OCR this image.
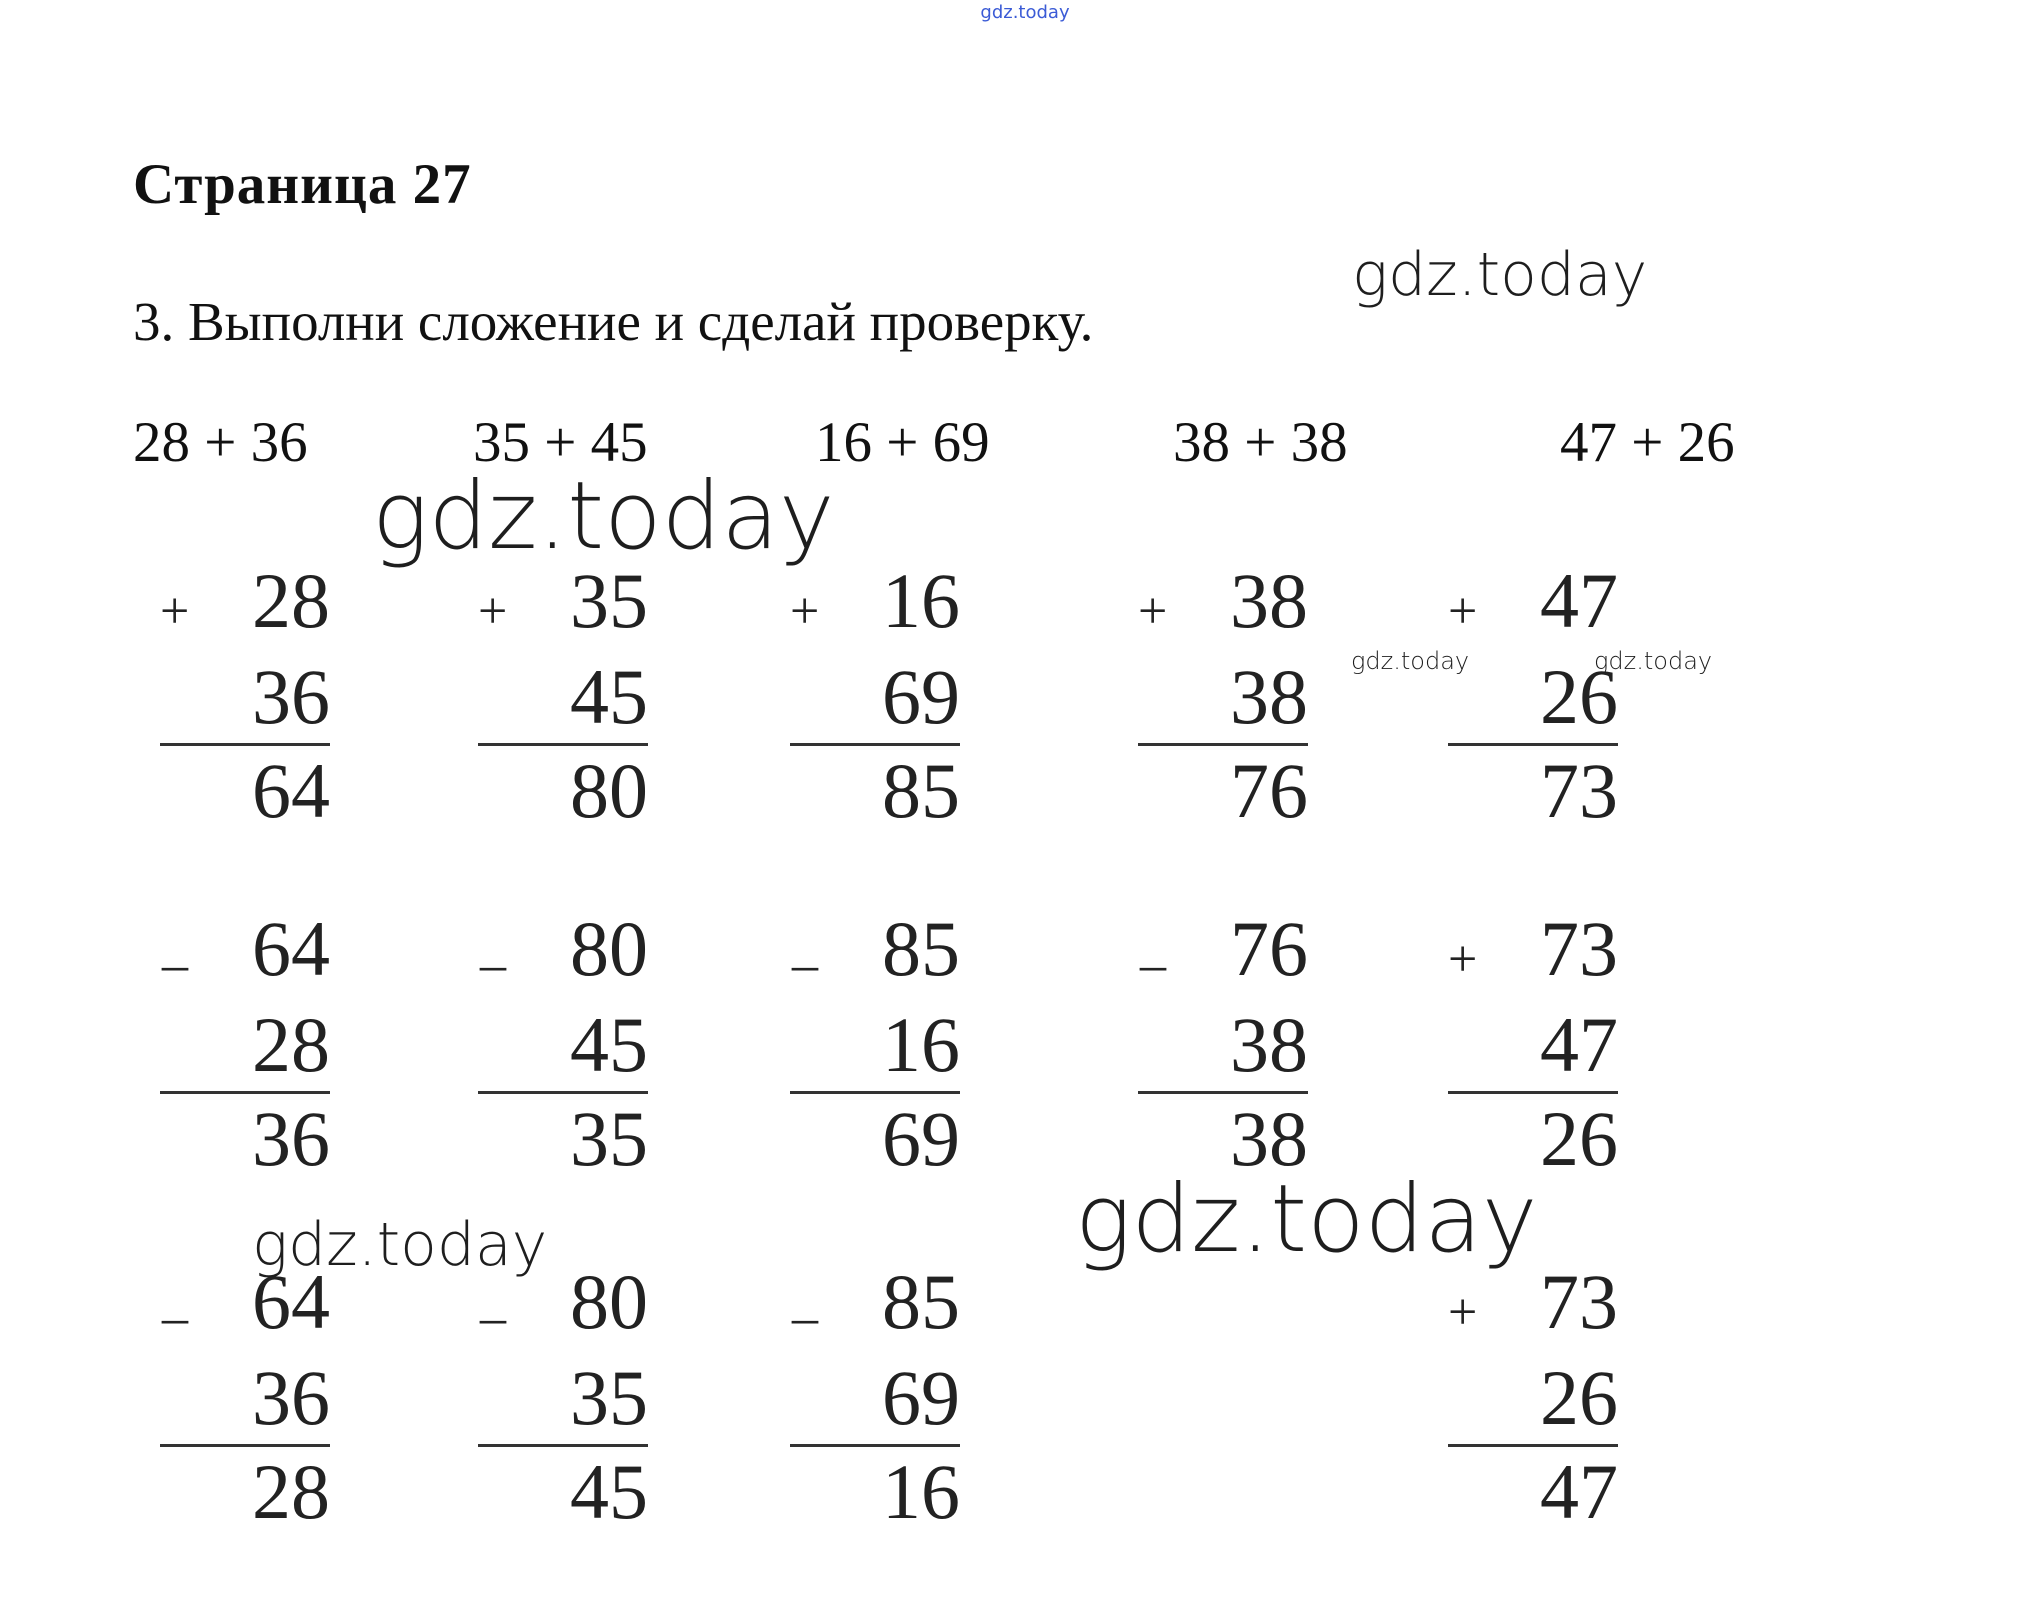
gdz.today
Страница 27
3. Выполни сложение и сделай проверку.
28 + 36	35 + 45	16 + 69	38 + 38	47 + 26
+ 28
36
64
+ 35
45
80
+ 16
69
85
+ 38
38
76
+ 47
26
73
_ 64
28
36
_ 80
45
35
_ 85
16
69
_ 76
38
38
+ 73
47
26
_ 64
36
28
_ 80
35
45
_ 85
69
16
+ 73
26
47
gdz.today
gdz.today
gdz.today	gdz.today
gdz.today	gdz.today
